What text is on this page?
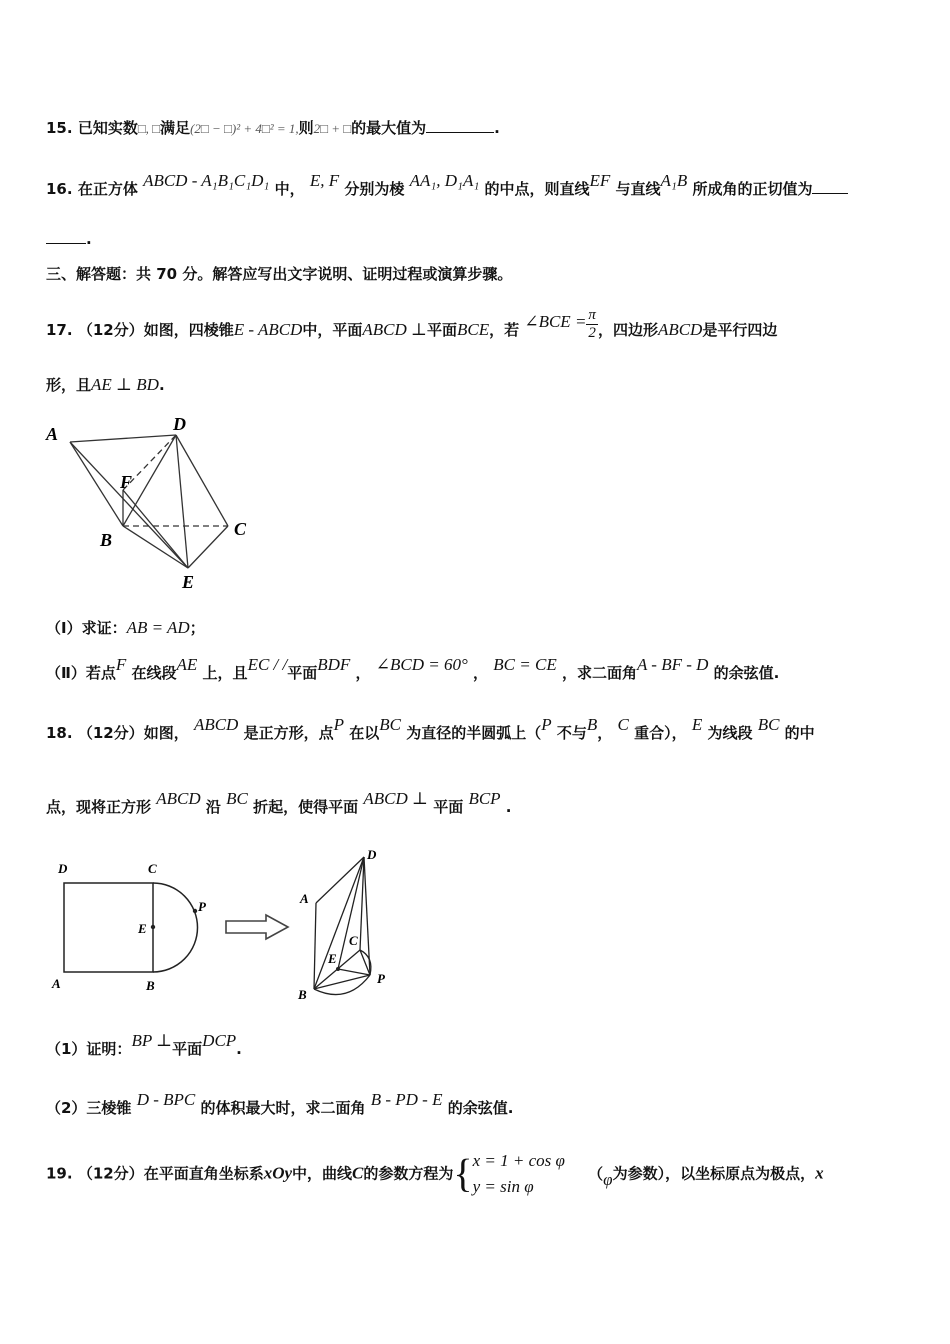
15. 已知实数□, □满足(2□ − □)² + 4□² = 1,则2□ + □的最大值为	.
16. 在正方体 ABCD - A₁B₁C₁D₁ 中， E, F 分别为棱 AA₁, D₁A₁ 的中点，则直线EF 与直线A₁B 所成角的正切值为
.
三、解答题：共 70 分。解答应写出文字说明、证明过程或演算步骤。
17. （12分）如图，四棱锥E - ABCD中，平面ABCD ⊥平面BCE，若 ∠BCE = $\frac{\pi}{2}$ ，四边形ABCD是平行四边
形，且AE ⊥ BD.
A	D
F
B
C
E
（Ⅰ）求证：AB = AD；
（Ⅱ）若点F 在线段AE 上，且EC / /平面BDF ， ∠BCD = 60° ， BC = CE ，求二面角A - BF - D 的余弦值.
18. （12分）如图， ABCD 是正方形，点P 在以BC 为直径的半圆弧上（P 不与B， C 重合）， E 为线段 BC 的中
点，现将正方形 ABCD 沿 BC 折起，使得平面 ABCD ⊥ 平面 BCP .
D	C
E
P
A	B
D
A
C
E
P
B
（1）证明：BP ⊥平面DCP.
（2）三棱锥 D - BPC 的体积最大时，求二面角 B - PD - E 的余弦值.
19. （12分）在平面直角坐标系xOy中，曲线C的参数方程为{ x = 1 + cos φ
y = sin φ
（φ为参数），以坐标原点为极点，x
